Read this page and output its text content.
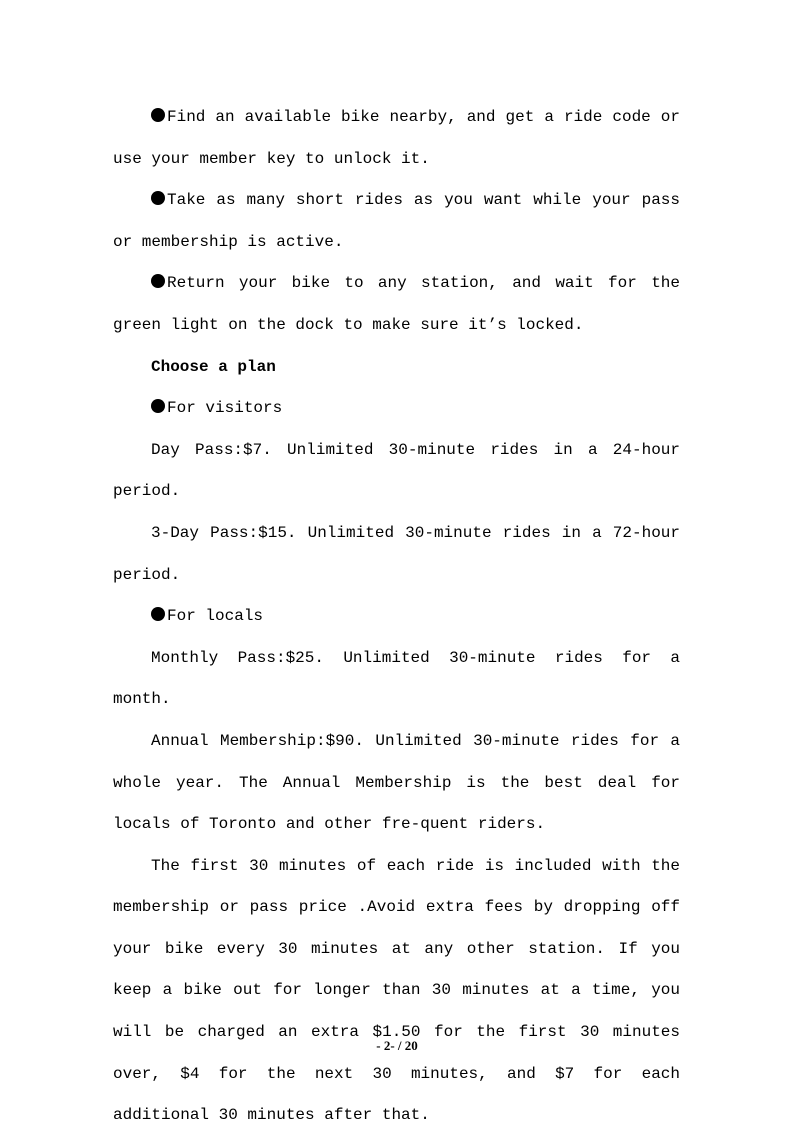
Find an available bike nearby, and get a ride code or use your member key to unlock it.

Take as many short rides as you want while your pass or membership is active.

Return your bike to any station, and wait for the green light on the dock to make sure it’s locked.

Choose a plan

For visitors

Day Pass:$7. Unlimited 30-minute rides in a 24-hour period.

3-Day Pass:$15. Unlimited 30-minute rides in a 72-hour period.

For locals

Monthly Pass:$25. Unlimited 30-minute rides for a month.

Annual Membership:$90. Unlimited 30-minute rides for a whole year. The Annual Membership is the best deal for locals of Toronto and other fre-quent riders.

The first 30 minutes of each ride is included with the membership or pass price .Avoid extra fees by dropping off your bike every 30 minutes at any other station. If you keep a bike out for longer than 30 minutes at a time, you will be charged an extra $1.50 for the first 30 minutes over, $4 for the next 30 minutes, and $7 for each additional 30 minutes after that.

- 2- / 20
